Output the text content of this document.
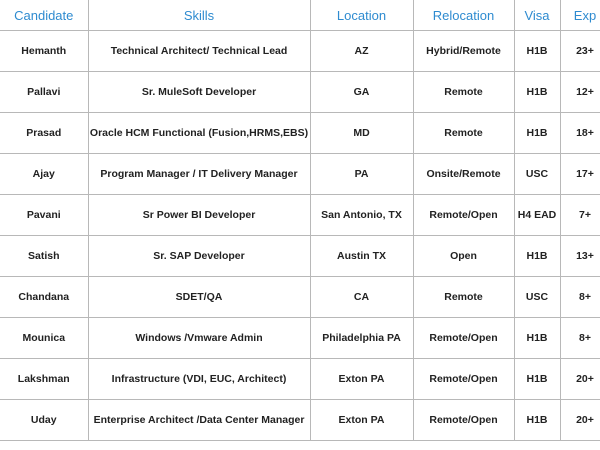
Candidate	Skills	Location	Relocation	Visa	Exp
Hemanth	Technical Architect/ Technical Lead	AZ	Hybrid/Remote	H1B	23+
Pallavi	Sr. MuleSoft Developer	GA	Remote	H1B	12+
Prasad	Oracle HCM Functional (Fusion,HRMS,EBS)	MD	Remote	H1B	18+
Ajay	Program Manager / IT Delivery Manager	PA	Onsite/Remote	USC	17+
Pavani	Sr Power BI Developer	San Antonio, TX	Remote/Open	H4 EAD	7+
Satish	Sr. SAP Developer	Austin TX	Open	H1B	13+
Chandana	SDET/QA	CA	Remote	USC	8+
Mounica	Windows /Vmware Admin	Philadelphia PA	Remote/Open	H1B	8+
Lakshman	Infrastructure (VDI, EUC, Architect)	Exton PA	Remote/Open	H1B	20+
Uday	Enterprise Architect /Data Center Manager	Exton PA	Remote/Open	H1B	20+
